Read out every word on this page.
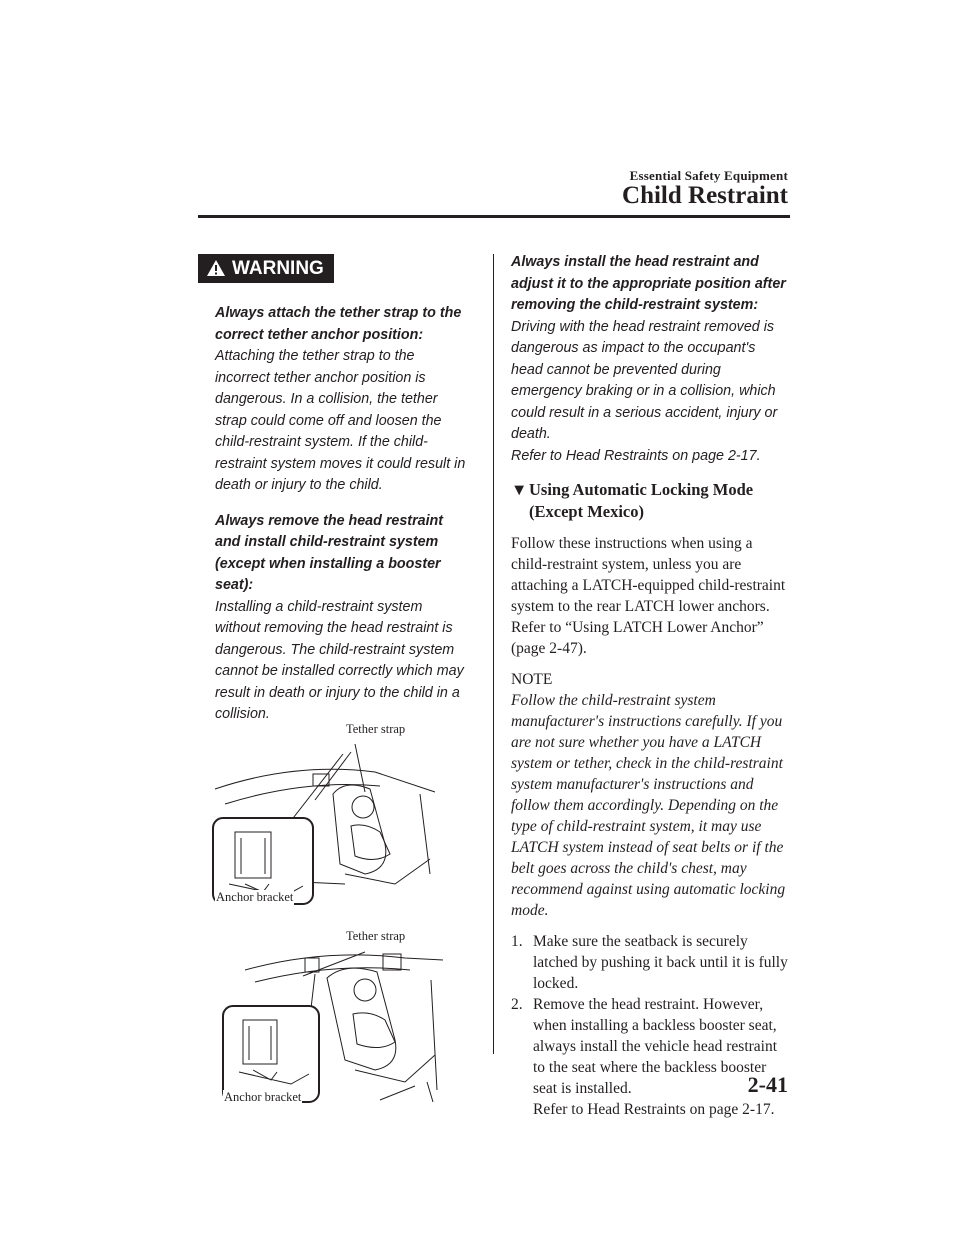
Essential Safety Equipment
Child Restraint
WARNING
Always attach the tether strap to the correct tether anchor position:
Attaching the tether strap to the incorrect tether anchor position is dangerous. In a collision, the tether strap could come off and loosen the child-restraint system. If the child-restraint system moves it could result in death or injury to the child.
Always remove the head restraint and install child-restraint system (except when installing a booster seat):
Installing a child-restraint system without removing the head restraint is dangerous. The child-restraint system cannot be installed correctly which may result in death or injury to the child in a collision.
Tether strap
Anchor bracket
Tether strap
Anchor bracket
Always install the head restraint and adjust it to the appropriate position after removing the child-restraint system:
Driving with the head restraint removed is dangerous as impact to the occupant's head cannot be prevented during emergency braking or in a collision, which could result in a serious accident, injury or death.
Refer to Head Restraints on page 2-17.
▼ Using Automatic Locking Mode
(Except Mexico)
Follow these instructions when using a child-restraint system, unless you are attaching a LATCH-equipped child-restraint system to the rear LATCH lower anchors. Refer to “Using LATCH Lower Anchor” (page 2-47).
NOTE
Follow the child-restraint system manufacturer's instructions carefully. If you are not sure whether you have a LATCH system or tether, check in the child-restraint system manufacturer's instructions and follow them accordingly. Depending on the type of child-restraint system, it may use LATCH system instead of seat belts or if the belt goes across the child's chest, may recommend against using automatic locking mode.
1. Make sure the seatback is securely latched by pushing it back until it is fully locked.
2. Remove the head restraint. However, when installing a backless booster seat, always install the vehicle head restraint to the seat where the backless booster seat is installed.
Refer to Head Restraints on page 2-17.
2-41
